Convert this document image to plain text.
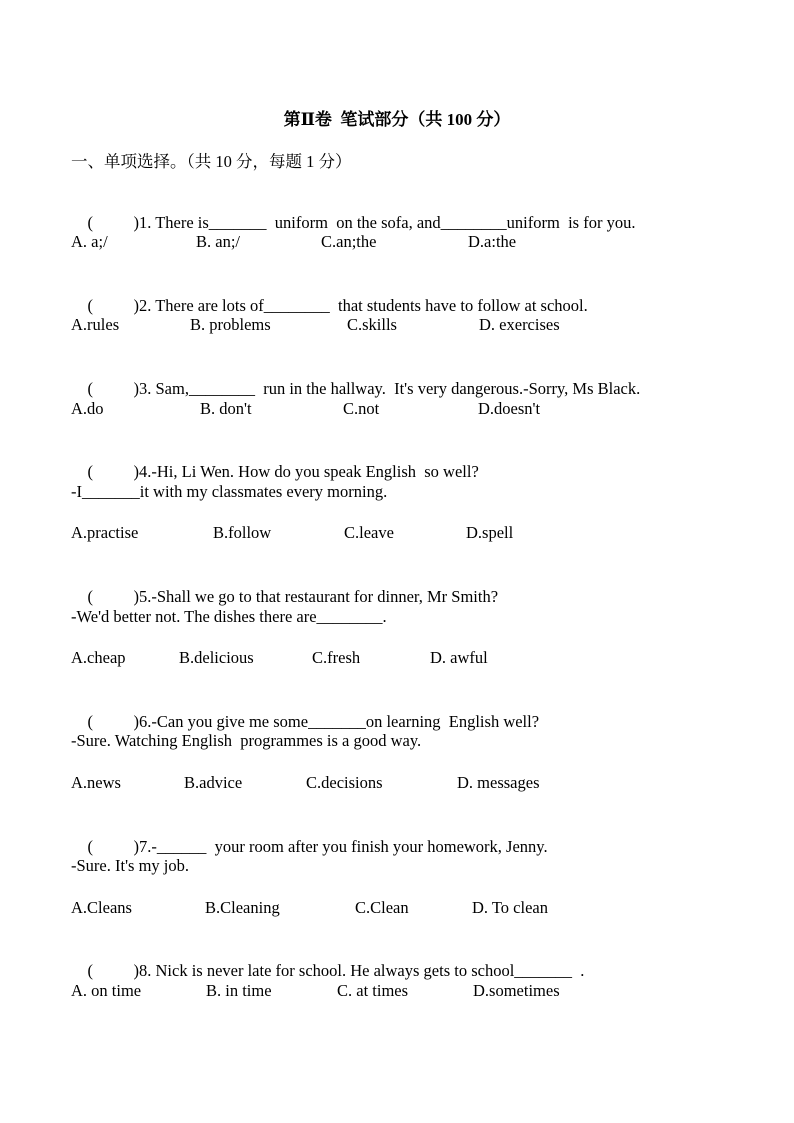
第Ⅱ卷  笔试部分（共 100 分）
一、单项选择。（共 10 分，每题 1 分）

( )1. There is_______  uniform  on the sofa, and________uniform  is for you.

A. a;/	B. an;/	C.an;the	D.a:the

( )2. There are lots of________  that students have to follow at school.

A.rules	B. problems	C.skills	D. exercises

( )3. Sam,________  run in the hallway.  It's very dangerous.-Sorry, Ms Black.

A.do	B. don't	C.not	D.doesn't

( )4.-Hi, Li Wen. How do you speak English  so well?

-I_______it with my classmates every morning.
A.practise	B.follow	C.leave	D.spell

( )5.-Shall we go to that restaurant for dinner, Mr Smith?

-We'd better not. The dishes there are________.
A.cheap	B.delicious	C.fresh	D. awful

( )6.-Can you give me some_______on learning  English well?

-Sure. Watching English  programmes is a good way.
A.news	B.advice	C.decisions	D. messages

( )7.-______  your room after you finish your homework, Jenny.

-Sure. It's my job.
A.Cleans	B.Cleaning	C.Clean	D. To clean

( )8. Nick is never late for school. He always gets to school_______  .

A. on time	B. in time	C. at times	D.sometimes
